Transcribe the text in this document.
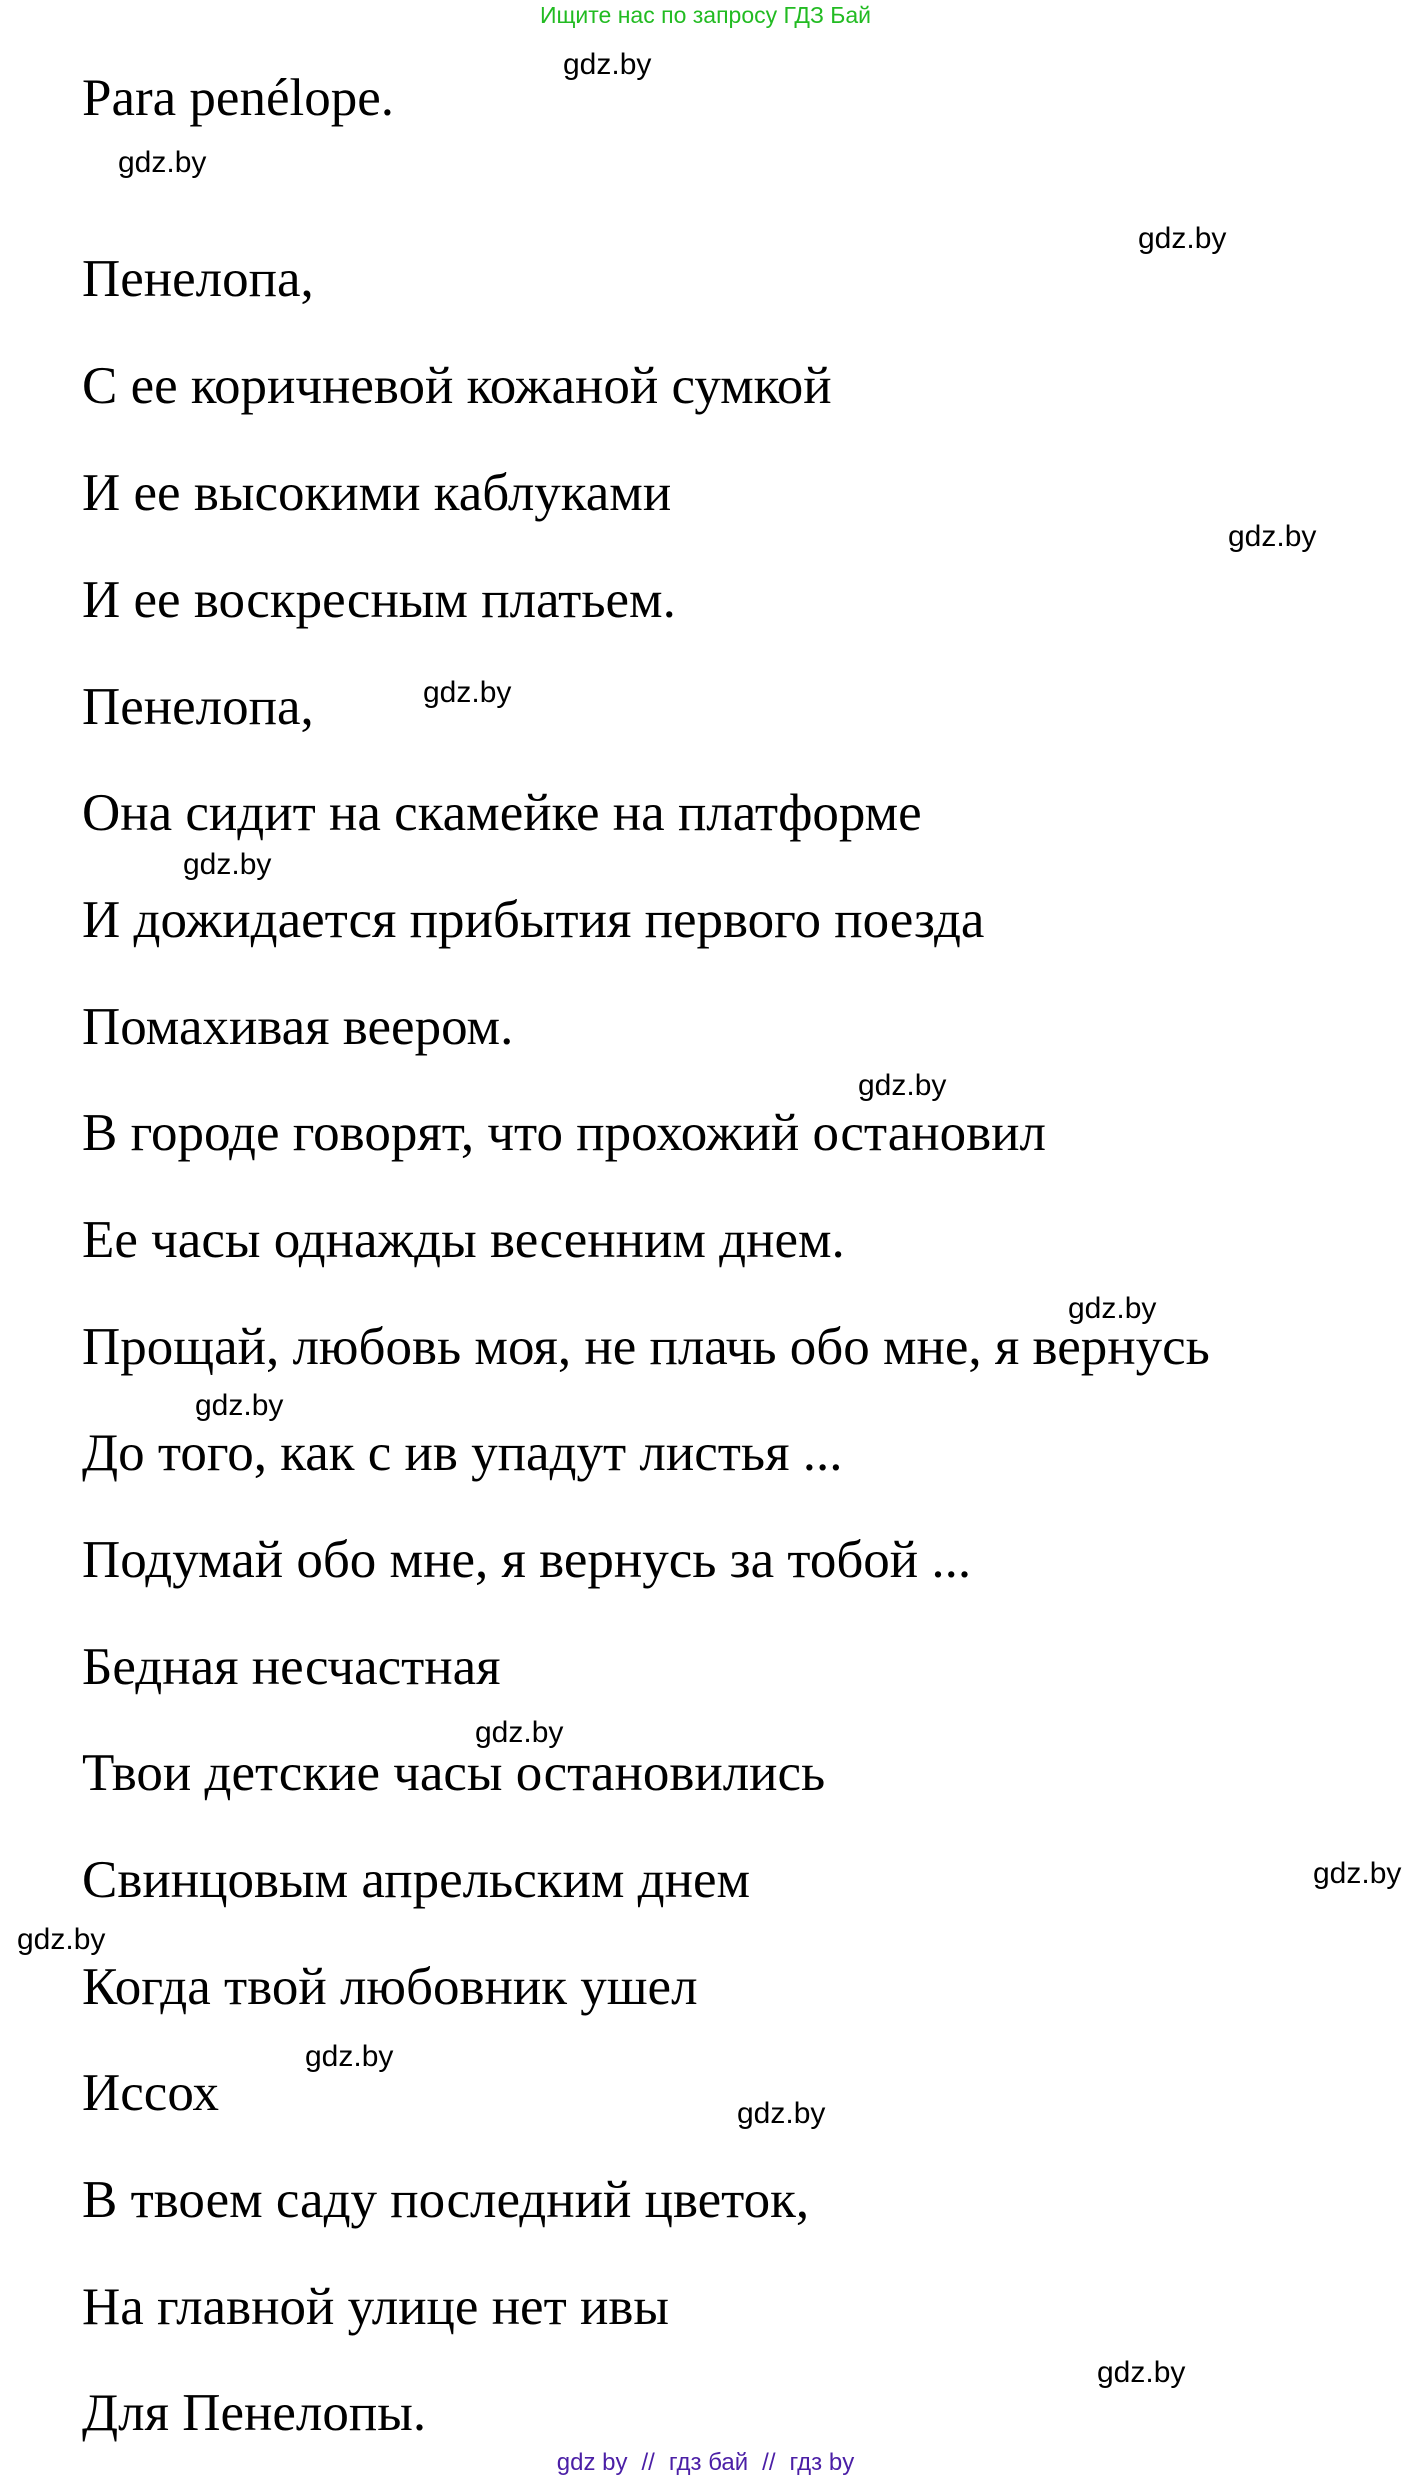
Ищите нас по запросу ГДЗ Бай
Para penélope.
Пенелопа,
С ее коричневой кожаной сумкой
И ее высокими каблуками
И ее воскресным платьем.
Пенелопа,
Она сидит на скамейке на платформе
И дожидается прибытия первого поезда
Помахивая веером.
В городе говорят, что прохожий остановил
Ее часы однажды весенним днем.
Прощай, любовь моя, не плачь обо мне, я вернусь
До того, как с ив упадут листья ...
Подумай обо мне, я вернусь за тобой ...
Бедная несчастная
Твои детские часы остановились
Свинцовым апрельским днем
Когда твой любовник ушел
Иссох
В твоем саду последний цветок,
На главной улице нет ивы
Для Пенелопы.
gdz.by
gdz.by
gdz.by
gdz.by
gdz.by
gdz.by
gdz.by
gdz.by
gdz.by
gdz.by
gdz.by
gdz.by
gdz.by
gdz.by
gdz.by
gdz by // гдз бай // гдз by
